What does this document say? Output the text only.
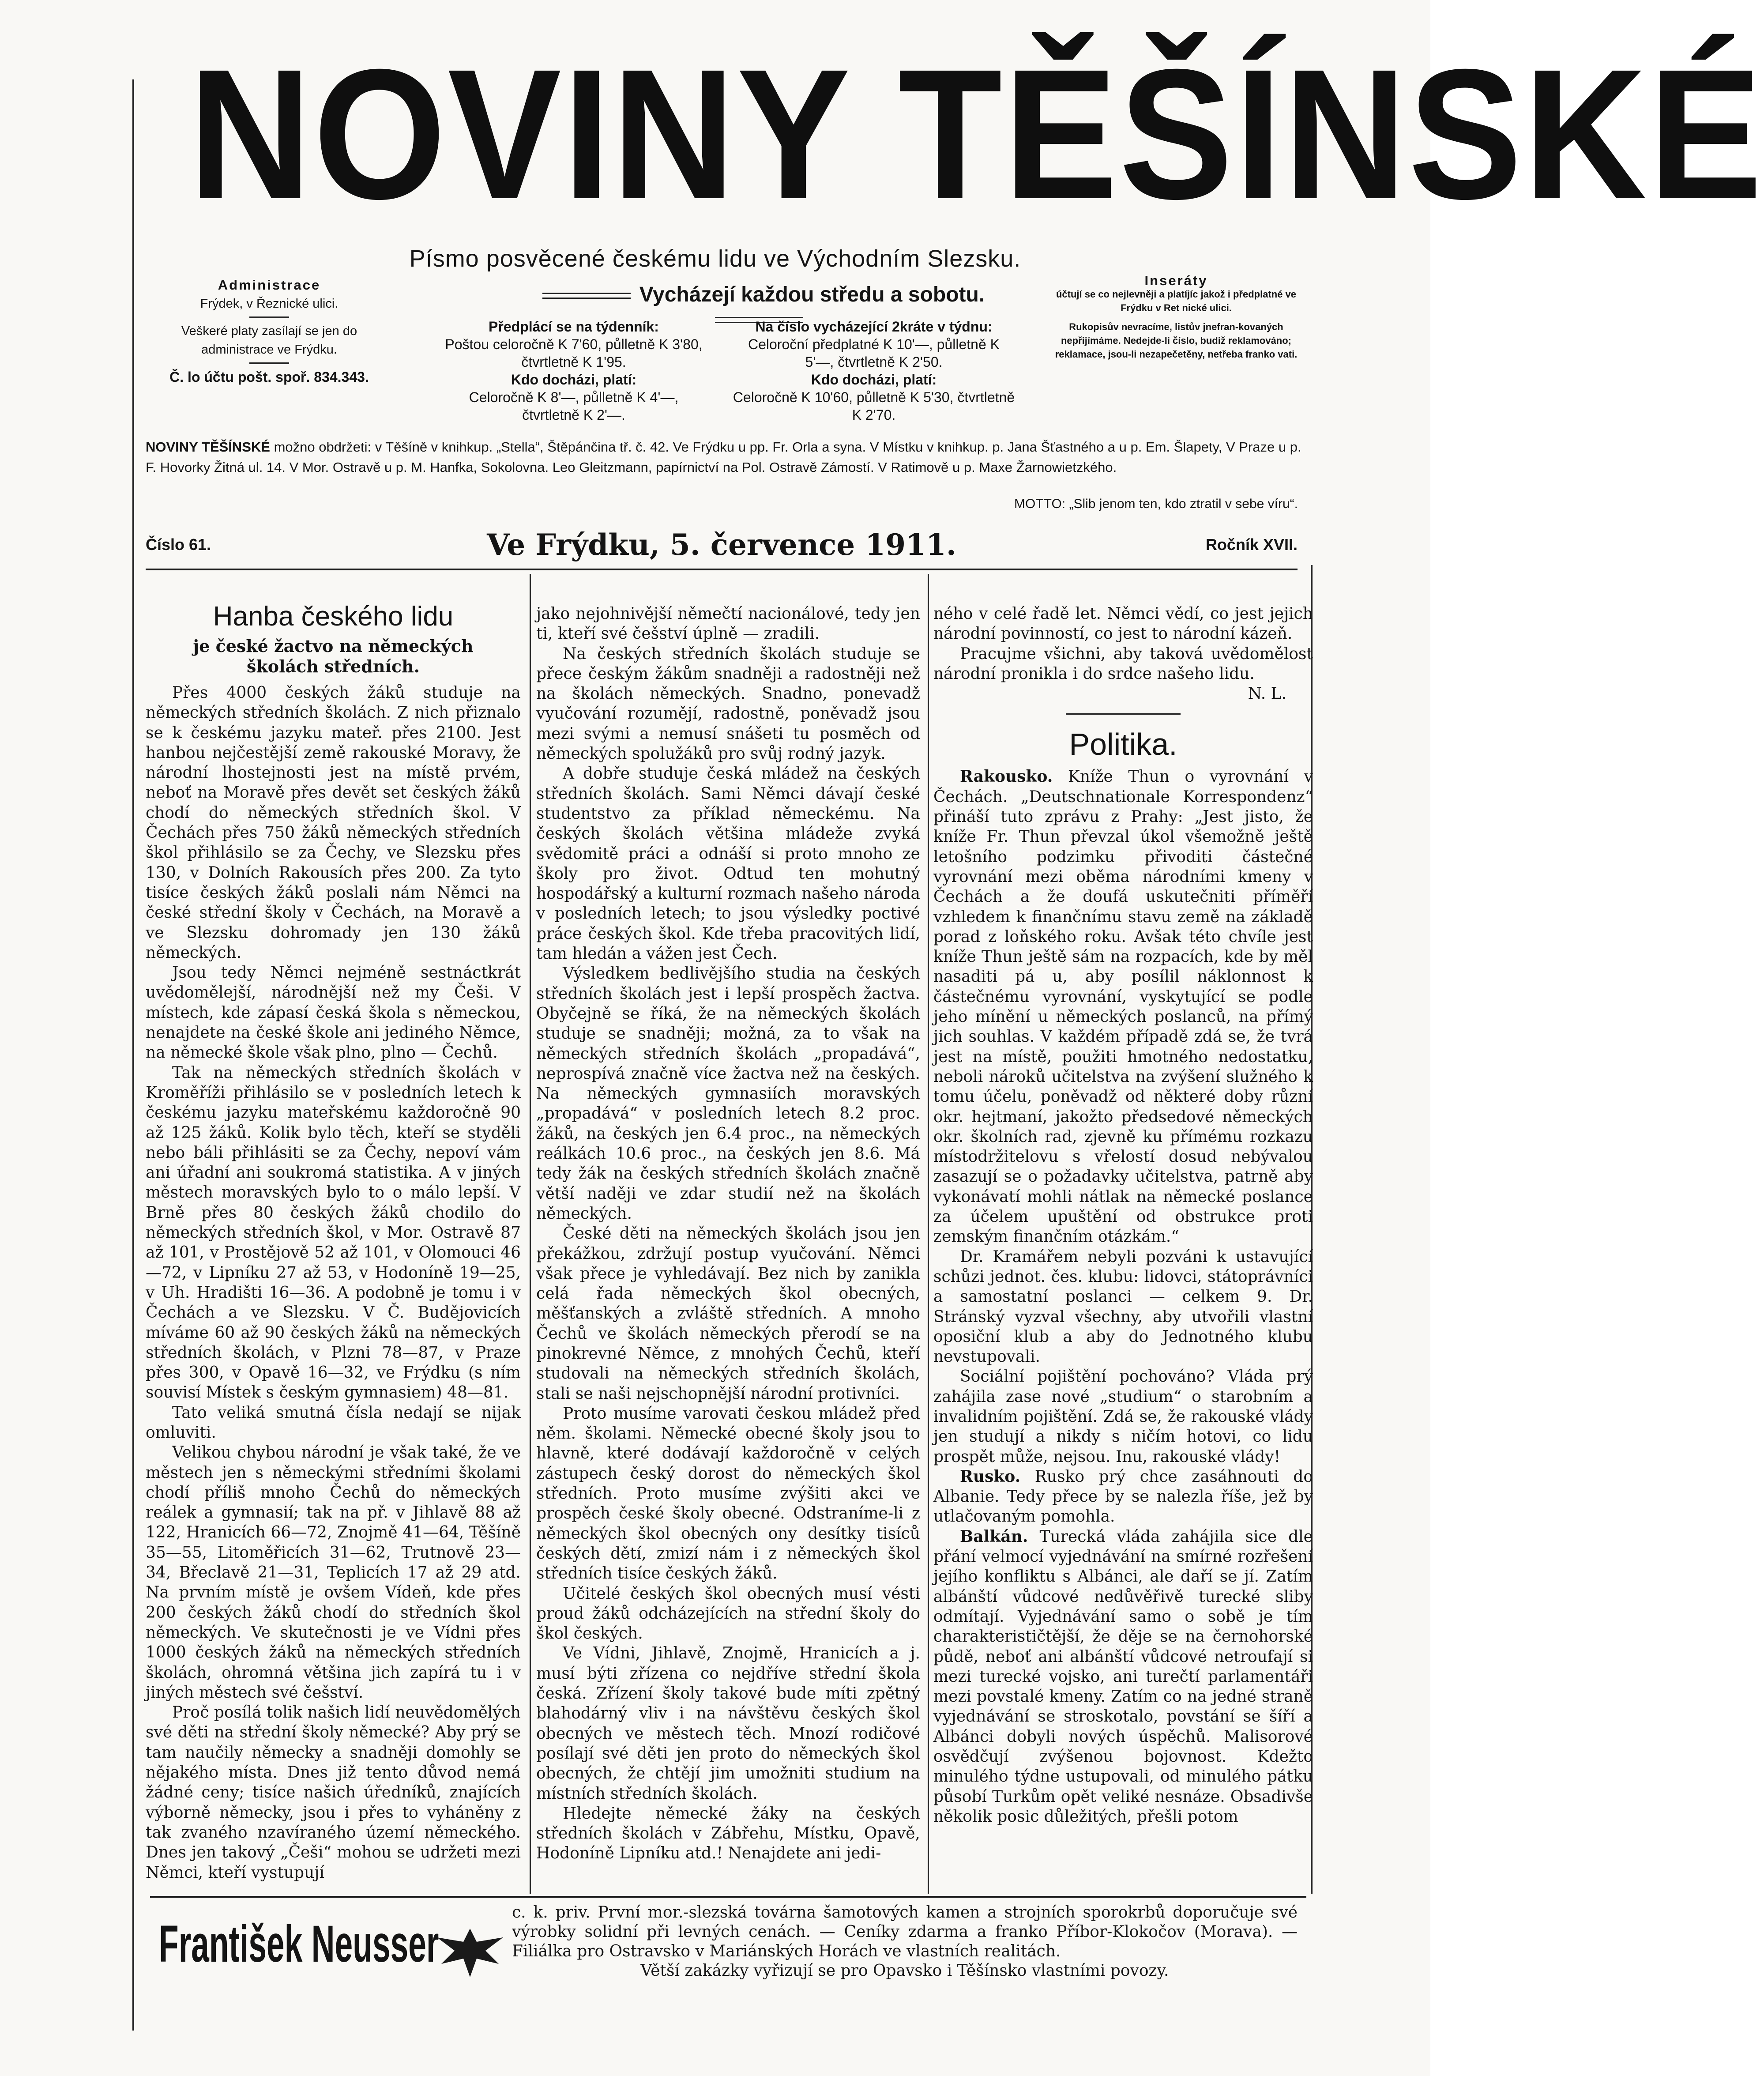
NOVINY TĚŠÍNSKÉ
Písmo posvěcené českému lidu ve Východním Slezsku.
Vycházejí každou středu a sobotu.
Administrace
Frýdek, v Řeznické ulici.
Veškeré platy zasílají se jen do administrace ve Frýdku.
Č. lo účtu pošt. spoř. 834.343.
Předplácí se na týdenník:
Poštou celoročně K 7'60, půlletně K 3'80, čtvrtletně K 1'95.
Kdo docházi, platí:
Celoročně K 8'—, půlletně K 4'—, čtvrtletně K 2'—.
Na číslo vycházející 2kráte v týdnu:
Celoroční předplatné K 10'—, půlletně K 5'—, čtvrtletně K 2'50.
Kdo docházi, platí:
Celoročně K 10'60, půlletně K 5'30, čtvrtletně K 2'70.
Inseráty
účtují se co nejlevněji a platíjíc jakož i předplatné ve Frýdku v Ret nické ulici.
Rukopisův nevracíme, listův jnefran-kovaných nepřijímáme. Nedejde-li číslo, budiž reklamováno; reklamace, jsou-li nezapečetěny, netřeba franko vati.
NOVINY TĚŠÍNSKÉ možno obdržeti: v Těšíně v knihkup. „Stella“, Štěpánčina tř. č. 42. Ve Frýdku u pp. Fr. Orla a syna. V Místku v knihkup. p. Jana Šťastného a u p. Em. Šlapety, V Praze u p. F. Hovorky Žitná ul. 14. V Mor. Ostravě u p. M. Hanfka, Sokolovna. Leo Gleitzmann, papírnictví na Pol. Ostravě Zámostí. V Ratimově u p. Maxe Žarnowietzkého.
MOTTO: „Slib jenom ten, kdo ztratil v sebe víru“.
Číslo 61.	Ve Frýdku, 5. července 1911.	Ročník XVII.
Hanba českého lidu
je české žactvo na německých školách středních.

Přes 4000 českých žáků studuje na německých středních školách. Z nich přiznalo se k českému jazyku mateř. přes 2100. Jest hanbou nejčestější země rakouské Moravy, že národní lhostejnosti jest na místě prvém, neboť na Moravě přes devět set českých žáků chodí do německých středních škol. V Čechách přes 750 žáků německých středních škol přihlásilo se za Čechy, ve Slezsku přes 130, v Dolních Rakousích přes 200. Za tyto tisíce českých žáků poslali nám Němci na české střední školy v Čechách, na Moravě a ve Slezsku dohromady jen 130 žáků německých.

Jsou tedy Němci nejméně sestnáctkrát uvědomělejší, národnější než my Češi. V místech, kde zápasí česká škola s německou, nenajdete na české škole ani jediného Němce, na německé škole však plno, plno — Čechů.

Tak na německých středních školách v Kroměříži přihlásilo se v posledních letech k českému jazyku mateřskému každoročně 90 až 125 žáků. Kolik bylo těch, kteří se styděli nebo báli přihlásiti se za Čechy, nepoví vám ani úřadní ani soukromá statistika. A v jiných městech moravských bylo to o málo lepší. V Brně přes 80 českých žáků chodilo do německých středních škol, v Mor. Ostravě 87 až 101, v Prostějově 52 až 101, v Olomouci 46—72, v Lipníku 27 až 53, v Hodoníně 19—25, v Uh. Hradišti 16—36. A podobně je tomu i v Čechách a ve Slezsku. V Č. Budějovicích míváme 60 až 90 českých žáků na německých středních školách, v Plzni 78—87, v Praze přes 300, v Opavě 16—32, ve Frýdku (s ním souvisí Místek s českým gymnasiem) 48—81.

Tato veliká smutná čísla nedají se nijak omluviti.

Velikou chybou národní je však také, že ve městech jen s německými středními školami chodí příliš mnoho Čechů do německých reálek a gymnasií; tak na př. v Jihlavě 88 až 122, Hranicích 66—72, Znojmě 41—64, Těšíně 35—55, Litoměřicích 31—62, Trutnově 23—34, Břeclavě 21—31, Teplicích 17 až 29 atd. Na prvním místě je ovšem Vídeň, kde přes 200 českých žáků chodí do středních škol německých. Ve skutečnosti je ve Vídni přes 1000 českých žáků na německých středních školách, ohromná většina jich zapírá tu i v jiných městech své češství.

Proč posílá tolik našich lidí neuvědomělých své děti na střední školy německé? Aby prý se tam naučily německy a snadněji domohly se nějakého místa. Dnes již tento důvod nemá žádné ceny; tisíce našich úředníků, znajících výborně německy, jsou i přes to vyháněny z tak zvaného nzavíraného území německého. Dnes jen takový „Češi“ mohou se udržeti mezi Němci, kteří vystupují

jako nejohnivější němečtí nacionálové, tedy jen ti, kteří své češství úplně — zradili.

Na českých středních školách studuje se přece českým žákům snadněji a radostněji než na školách německých. Snadno, ponevadž vyučování rozumějí, radostně, poněvadž jsou mezi svými a nemusí snášeti tu posměch od německých spolužáků pro svůj rodný jazyk.

A dobře studuje česká mládež na českých středních školách. Sami Němci dávají české studentstvo za příklad německému. Na českých školách většina mládeže zvyká svědomitě práci a odnáší si proto mnoho ze školy pro život. Odtud ten mohutný hospodářský a kulturní rozmach našeho národa v posledních letech; to jsou výsledky poctivé práce českých škol. Kde třeba pracovitých lidí, tam hledán a vážen jest Čech.

Výsledkem bedlivějšího studia na českých středních školách jest i lepší prospěch žactva. Obyčejně se říká, že na německých školách studuje se snadněji; možná, za to však na německých středních školách „propadává“, neprospívá značně více žactva než na českých. Na německých gymnasiích moravských „propadává“ v posledních letech 8.2 proc. žáků, na českých jen 6.4 proc., na německých reálkách 10.6 proc., na českých jen 8.6. Má tedy žák na českých středních školách značně větší naději ve zdar studií než na školách německých.

České děti na německých školách jsou jen překážkou, zdržují postup vyučování. Němci však přece je vyhledávají. Bez nich by zanikla celá řada německých škol obecných, měšťanských a zvláště středních. A mnoho Čechů ve školách německých přerodí se na pinokrevné Němce, z mnohých Čechů, kteří studovali na německých středních školách, stali se naši nejschopnější národní protivníci.

Proto musíme varovati českou mládež před něm. školami. Německé obecné školy jsou to hlavně, které dodávají každoročně v celých zástupech český dorost do německých škol středních. Proto musíme zvýšiti akci ve prospěch české školy obecné. Odstraníme-li z německých škol obecných ony desítky tisíců českých dětí, zmizí nám i z německých škol středních tisíce českých žáků.

Učitelé českých škol obecných musí vésti proud žáků odcházejících na střední školy do škol českých.

Ve Vídni, Jihlavě, Znojmě, Hranicích a j. musí býti zřízena co nejdříve střední škola česká. Zřízení školy takové bude míti zpětný blahodárný vliv i na návštěvu českých škol obecných ve městech těch. Mnozí rodičové posílají své děti jen proto do německých škol obecných, že chtějí jim umožniti studium na místních středních školách.

Hledejte německé žáky na českých středních školách v Zábřehu, Místku, Opavě, Hodoníně Lipníku atd.! Nenajdete ani jedi-

ného v celé řadě let. Němci vědí, co jest jejich národní povinností, co jest to národní kázeň.

Pracujme všichni, aby taková uvědomělost národní pronikla i do srdce našeho lidu.

N. L.
Politika.

Rakousko. Kníže Thun o vyrovnání v Čechách. „Deutschnationale Korrespondenz“ přináší tuto zprávu z Prahy: „Jest jisto, že kníže Fr. Thun převzal úkol všemožně ještě letošního podzimku přivoditi částečné vyrovnání mezi oběma národními kmeny v Čechách a že doufá uskutečniti příměří vzhledem k finančnímu stavu země na základě porad z loňského roku. Avšak této chvíle jest kníže Thun ještě sám na rozpacích, kde by měl nasaditi pá u, aby posílil náklonnost k částečnému vyrovnání, vyskytující se podle jeho mínění u německých poslanců, na přímý jich souhlas. V každém případě zdá se, že tvrá jest na místě, použiti hmotného nedostatku, neboli nároků učitelstva na zvýšení služného k tomu účelu, poněvadž od některé doby různí okr. hejtmaní, jakožto předsedové německých okr. školních rad, zjevně ku přímému rozkazu místodržitelovu s vřelostí dosud nebývalou zasazují se o požadavky učitelstva, patrně aby vykonávatí mohli nátlak na německé poslance za účelem upuštění od obstrukce proti zemským finančním otázkám.“

Dr. Kramářem nebyli pozváni k ustavující schůzi jednot. čes. klubu: lidovci, státoprávníci a samostatní poslanci — celkem 9. Dr. Stránský vyzval všechny, aby utvořili vlastní oposiční klub a aby do Jednotného klubu nevstupovali.

Sociální pojištění pochováno? Vláda prý zahájila zase nové „studium“ o starobním a invalidním pojištění. Zdá se, že rakouské vlády jen studují a nikdy s ničím hotovi, co lidu prospět může, nejsou. Inu, rakouské vlády!

Rusko. Rusko prý chce zasáhnouti do Albanie. Tedy přece by se nalezla říše, jež by utlačovaným pomohla.

Balkán. Turecká vláda zahájila sice dle přání velmocí vyjednávání na smírné rozřešení jejího konfliktu s Albánci, ale daří se jí. Zatím albánští vůdcové nedůvěřivě turecké sliby odmítají. Vyjednávání samo o sobě je tím charakterističtější, že děje se na černohorské půdě, neboť ani albánští vůdcové netroufají si mezi turecké vojsko, ani turečtí parlamentáři mezi povstalé kmeny. Zatím co na jedné straně vyjednávání se stroskotalo, povstání se šíří a Albánci dobyli nových úspěchů. Malisorové osvědčují zvýšenou bojovnost. Kdežto minulého týdne ustupovali, od minulého pátku působí Turkům opět veliké nesnáze. Obsadivše několik posic důležitých, přešli potom

František Neusser
c. k. priv. První mor.-slezská továrna šamotových kamen a strojních sporokrbů doporučuje své výrobky solidní při levných cenách. — Ceníky zdarma a franko Příbor-Klokočov (Morava). — Filiálka pro Ostravsko v Mariánských Horách ve vlastních realitách.
Větší zakázky vyřizují se pro Opavsko i Těšínsko vlastními povozy.
